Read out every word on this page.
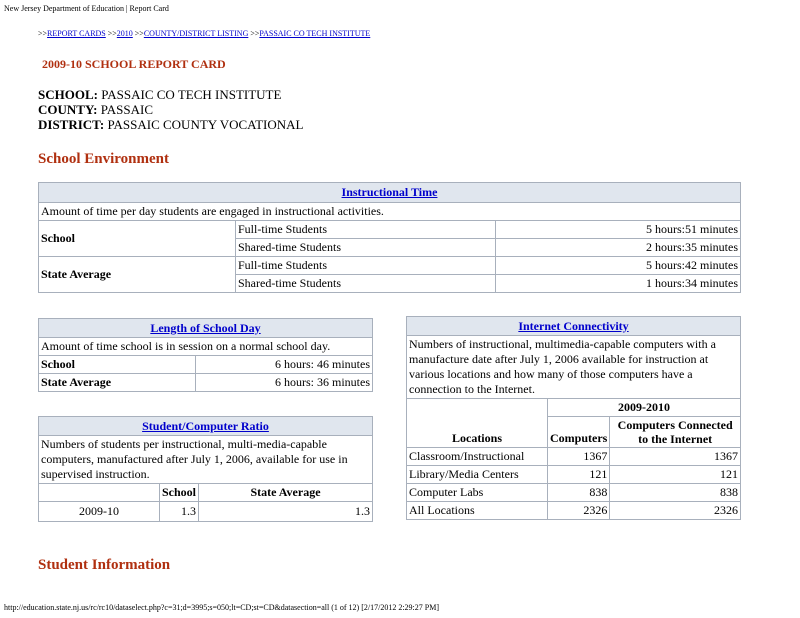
New Jersey Department of Education | Report Card
>>REPORT CARDS >>2010 >>COUNTY/DISTRICT LISTING >>PASSAIC CO TECH INSTITUTE
2009-10 SCHOOL REPORT CARD
SCHOOL: PASSAIC CO TECH INSTITUTE
COUNTY: PASSAIC
DISTRICT: PASSAIC COUNTY VOCATIONAL
School Environment
Instructional Time		
Amount of time per day students are engaged in instructional activities.		
School	Full-time Students	5 hours:51 minutes
	Shared-time Students	2 hours:35 minutes
State Average	Full-time Students	5 hours:42 minutes
	Shared-time Students	1 hours:34 minutes
Length of School Day	
Amount of time school is in session on a normal school day.	
School	6 hours: 46 minutes
State Average	6 hours: 36 minutes
Student/Computer Ratio		
Numbers of students per instructional, multi-media-capable computers, manufactured after July 1, 2006, available for use in supervised instruction.		
	School	State Average
2009-10	1.3	1.3
Internet Connectivity		
Numbers of instructional, multimedia-capable computers with a manufacture date after July 1, 2006 available for instruction at various locations and how many of those computers have a connection to the Internet.		
Locations	2009-2010	
	Computers	Computers Connected to the Internet
Classroom/Instructional	1367	1367
Library/Media Centers	121	121
Computer Labs	838	838
All Locations	2326	2326
Student Information
http://education.state.nj.us/rc/rc10/dataselect.php?c=31;d=3995;s=050;lt=CD;st=CD&datasection=all (1 of 12) [2/17/2012 2:29:27 PM]
